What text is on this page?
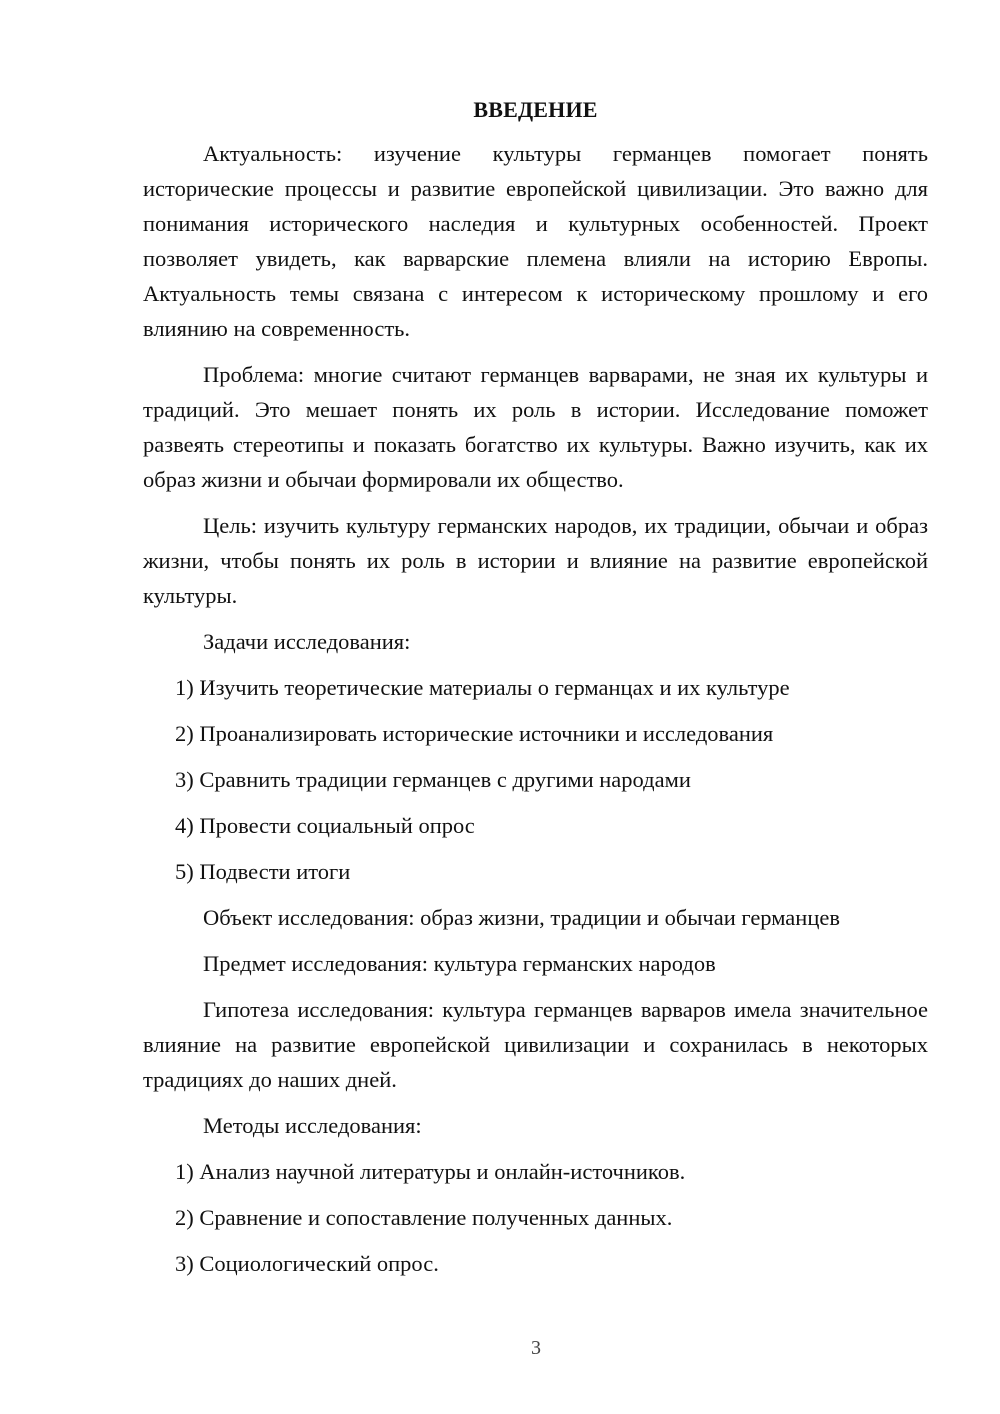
ВВЕДЕНИЕ

Актуальность: изучение культуры германцев помогает понять исторические процессы и развитие европейской цивилизации. Это важно для понимания исторического наследия и культурных особенностей. Проект позволяет увидеть, как варварские племена влияли на историю Европы. Актуальность темы связана с интересом к историческому прошлому и его влиянию на современность.

Проблема: многие считают германцев варварами, не зная их культуры и традиций. Это мешает понять их роль в истории. Исследование поможет развеять стереотипы и показать богатство их культуры. Важно изучить, как их образ жизни и обычаи формировали их общество.

Цель: изучить культуру германских народов, их традиции, обычаи и образ жизни, чтобы понять их роль в истории и влияние на развитие европейской культуры.

Задачи исследования:
1) Изучить теоретические материалы о германцах и их культуре
2) Проанализировать исторические источники и исследования
3) Сравнить традиции германцев с другими народами
4) Провести социальный опрос
5) Подвести итоги
Объект исследования: образ жизни, традиции и обычаи германцев
Предмет исследования: культура германских народов

Гипотеза исследования: культура германцев варваров имела значительное влияние на развитие европейской цивилизации и сохранилась в некоторых традициях до наших дней.

Методы исследования:
1) Анализ научной литературы и онлайн-источников.
2) Сравнение и сопоставление полученных данных.
3) Социологический опрос.
3
